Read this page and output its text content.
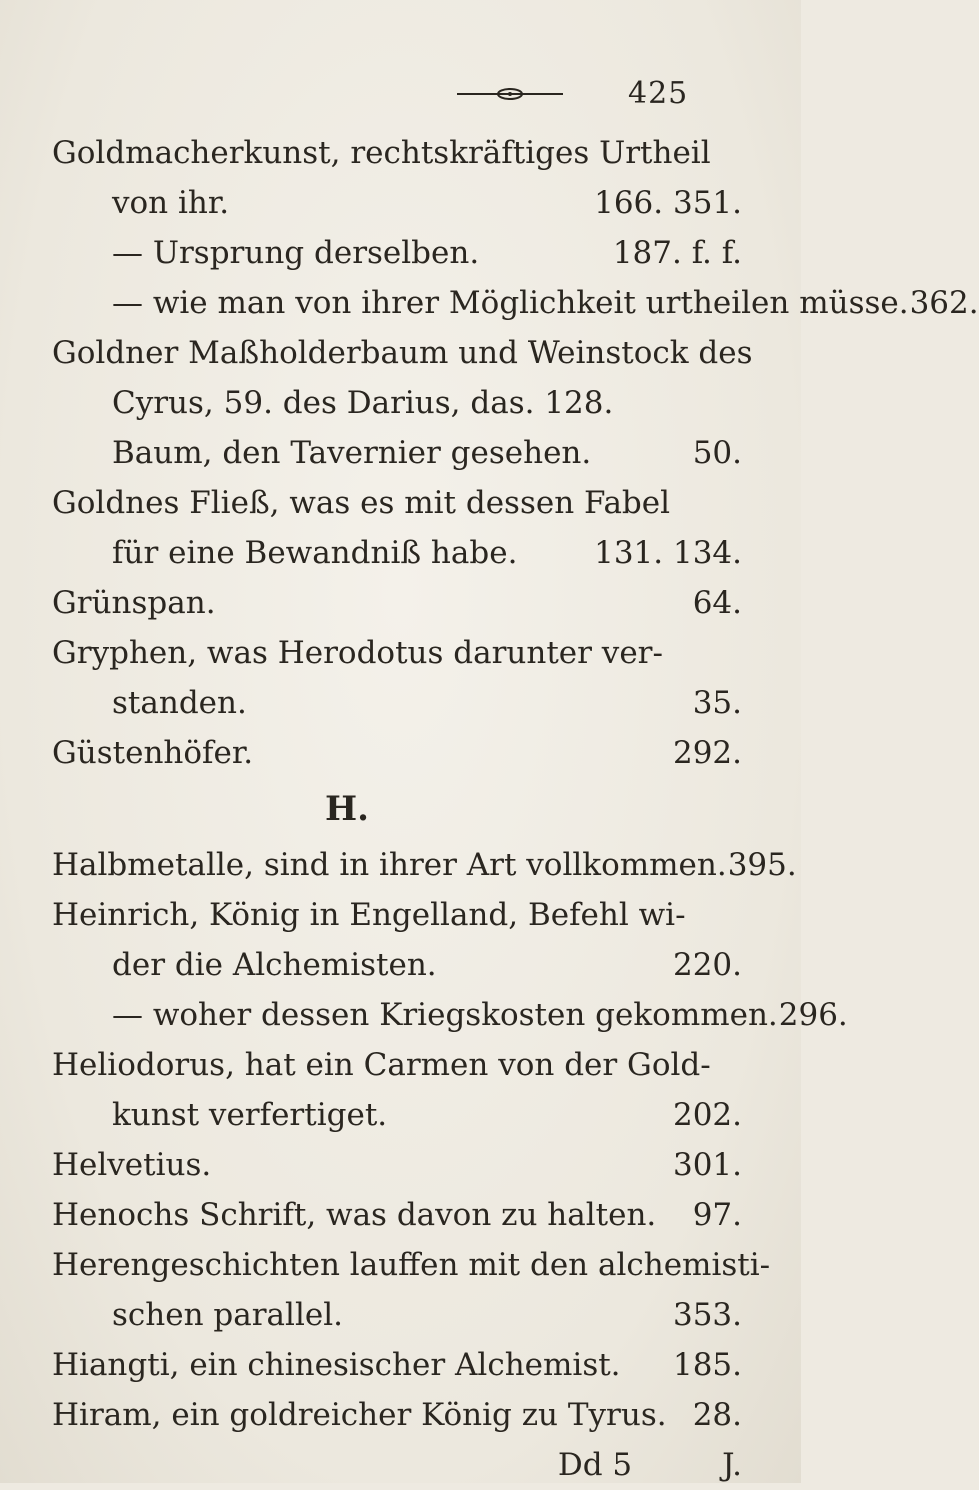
425
Goldmacherkunst, rechtskräftiges Urtheil
von ihr.	166. 351.
— Ursprung derselben.	187. f. f.
— wie man von ihrer Möglichkeit urtheilen müsse. 362.
Goldner Maßholderbaum und Weinstock des
Cyrus, 59. des Darius, das. 128.
Baum, den Tavernier gesehen.	50.
Goldnes Fließ, was es mit dessen Fabel
für eine Bewandniß habe. 131. 134.
Grünspan.	64.
Gryphen, was Herodotus darunter ver-
standen.	35.
Güstenhöfer.	292.
H.
Halbmetalle, sind in ihrer Art vollkommen. 395.
Heinrich, König in Engelland, Befehl wi-
der die Alchemisten.	220.
— woher dessen Kriegskosten gekommen. 296.
Heliodorus, hat ein Carmen von der Gold-
kunst verfertiget.	202.
Helvetius.	301.
Henochs Schrift, was davon zu halten.	97.
Herengeschichten lauffen mit den alchemisti-
schen parallel.	353.
Hiangti, ein chinesischer Alchemist. 185.
Hiram, ein goldreicher König zu Tyrus. 28.
Dd 5	J.
